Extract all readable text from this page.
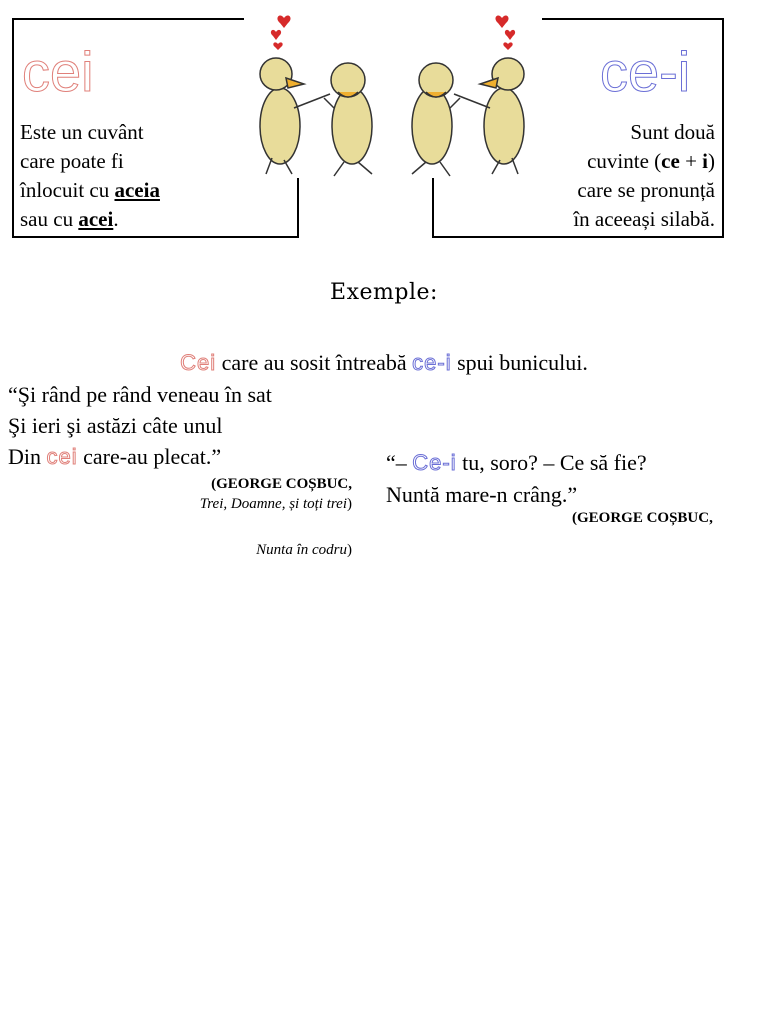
cei

Este un cuvânt

care poate fi

înlocuit cu aceia

sau cu acei.

ce-i

Sunt două

cuvinte (ce + i)

care se pronunță

în aceeași silabă.

Exemple:
Cei care au sosit întreabă ce-i spui bunicului.
“Şi rând pe rând veneau în sat
Şi ieri şi astăzi câte unul
Din cei care-au plecat.”
(GEORGE COȘBUC,
Trei, Doamne, și toți trei)
“– Ce-i tu, soro? – Ce să fie?
Nuntă mare-n crâng.”
(GEORGE COȘBUC,
Nunta în codru)
